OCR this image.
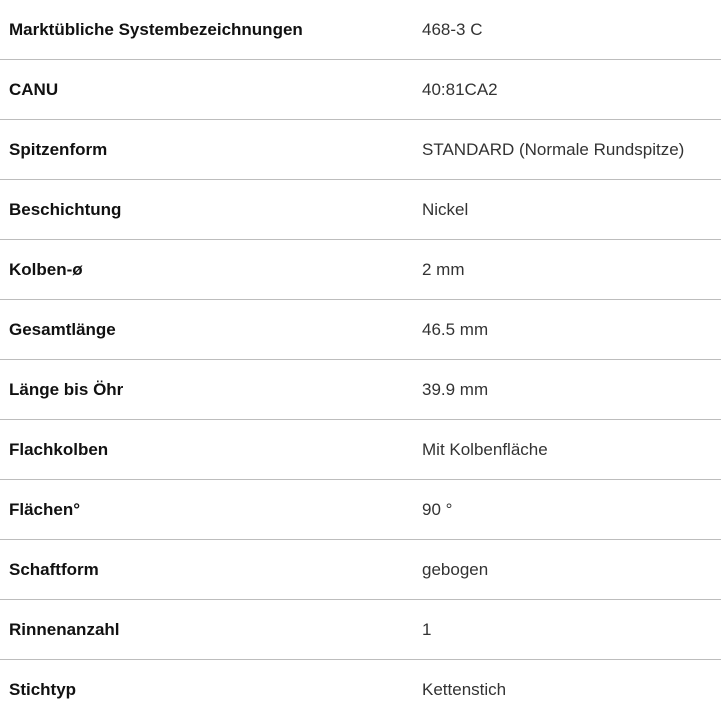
Marktübliche Systembezeichnungen	468-3 C
CANU	40:81CA2
Spitzenform	STANDARD (Normale Rundspitze)
Beschichtung	Nickel
Kolben-ø	2 mm
Gesamtlänge	46.5 mm
Länge bis Öhr	39.9 mm
Flachkolben	Mit Kolbenfläche
Flächen°	90 °
Schaftform	gebogen
Rinnenanzahl	1
Stichtyp	Kettenstich
